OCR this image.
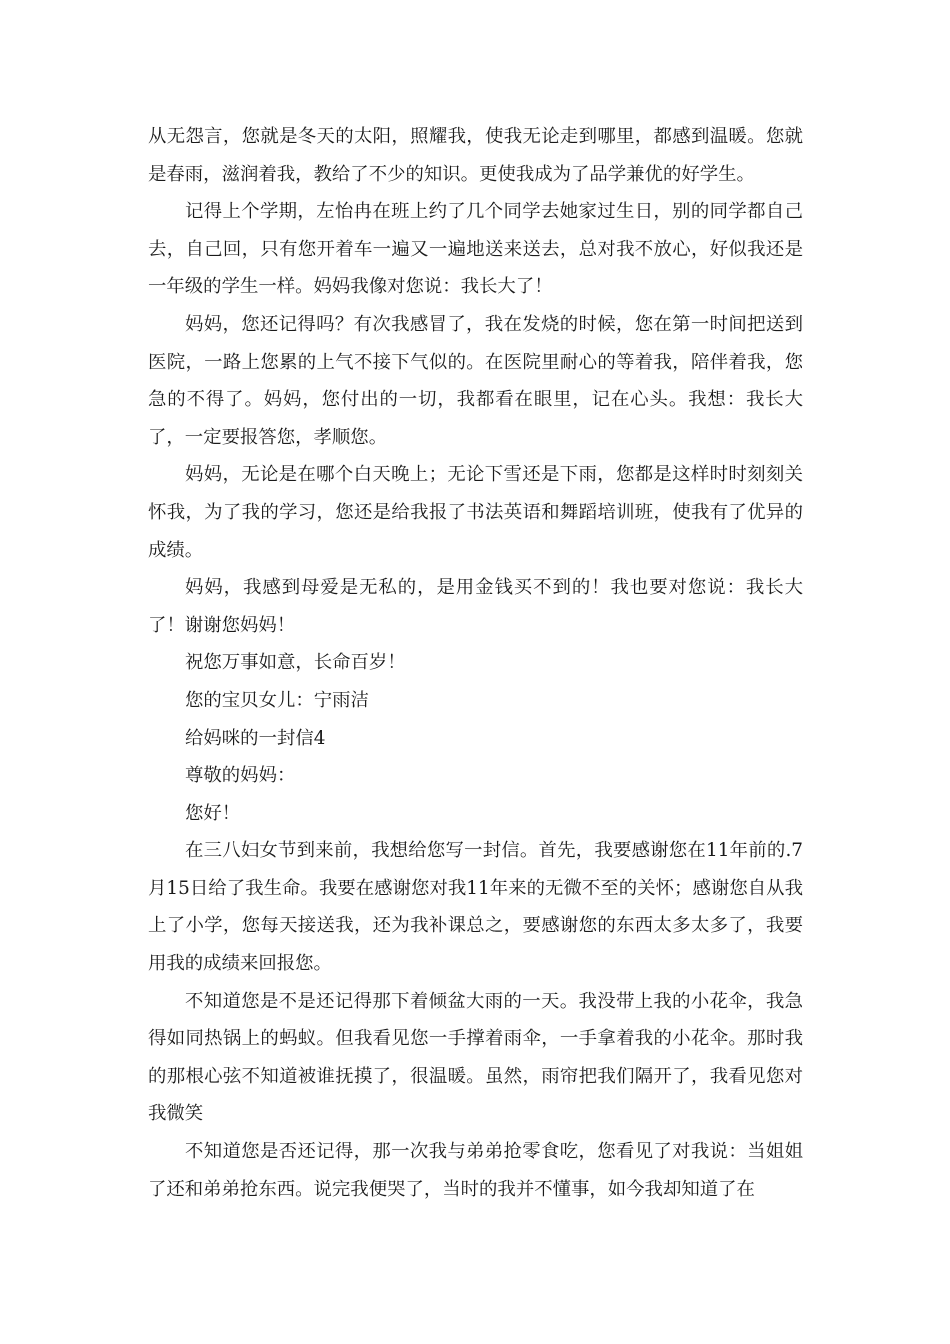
从无怨言，您就是冬天的太阳，照耀我，使我无论走到哪里，都感到温暖。您就是春雨，滋润着我，教给了不少的知识。更使我成为了品学兼优的好学生。

记得上个学期，左怡冉在班上约了几个同学去她家过生日，别的同学都自己去，自己回，只有您开着车一遍又一遍地送来送去，总对我不放心，好似我还是一年级的学生一样。妈妈我像对您说：我长大了！

妈妈，您还记得吗？有次我感冒了，我在发烧的时候，您在第一时间把送到医院，一路上您累的上气不接下气似的。在医院里耐心的等着我，陪伴着我，您急的不得了。妈妈，您付出的一切，我都看在眼里，记在心头。我想：我长大了，一定要报答您，孝顺您。

妈妈，无论是在哪个白天晚上；无论下雪还是下雨，您都是这样时时刻刻关怀我，为了我的学习，您还是给我报了书法英语和舞蹈培训班，使我有了优异的成绩。

妈妈，我感到母爱是无私的，是用金钱买不到的！我也要对您说：我长大了！谢谢您妈妈！

祝您万事如意，长命百岁！

您的宝贝女儿：宁雨洁

给妈咪的一封信4

尊敬的妈妈：

您好！

在三八妇女节到来前，我想给您写一封信。首先，我要感谢您在11年前的.7月15日给了我生命。我要在感谢您对我11年来的无微不至的关怀；感谢您自从我上了小学，您每天接送我，还为我补课总之，要感谢您的东西太多太多了，我要用我的成绩来回报您。

不知道您是不是还记得那下着倾盆大雨的一天。我没带上我的小花伞，我急得如同热锅上的蚂蚁。但我看见您一手撑着雨伞，一手拿着我的小花伞。那时我的那根心弦不知道被谁抚摸了，很温暖。虽然，雨帘把我们隔开了，我看见您对我微笑

不知道您是否还记得，那一次我与弟弟抢零食吃，您看见了对我说：当姐姐了还和弟弟抢东西。说完我便哭了，当时的我并不懂事，如今我却知道了在
